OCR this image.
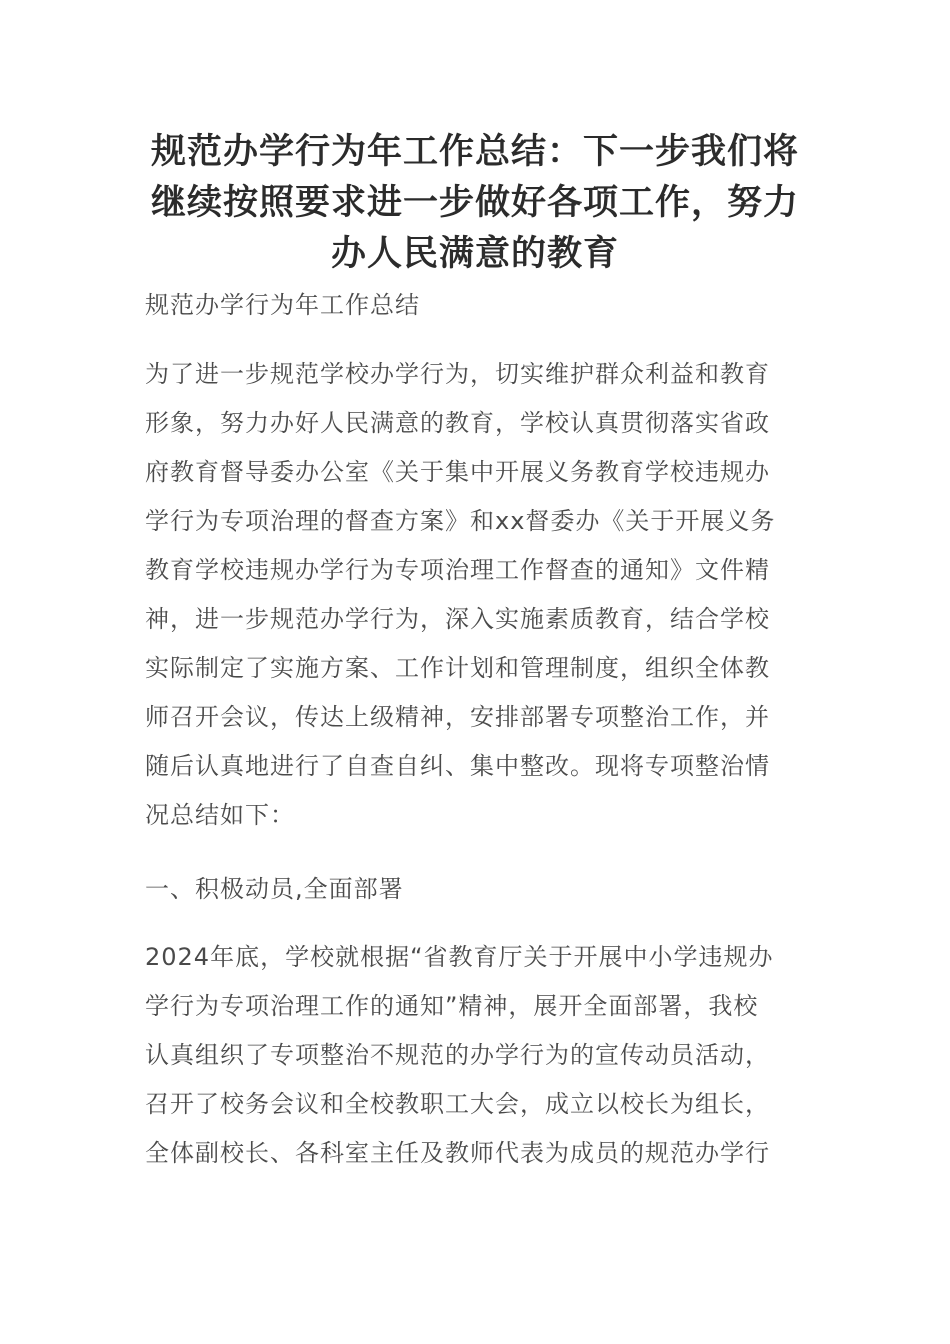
规范办学行为年工作总结：下一步我们将
继续按照要求进一步做好各项工作，努力
办人民满意的教育

规范办学行为年工作总结

为了进一步规范学校办学行为，切实维护群众利益和教育
形象，努力办好人民满意的教育，学校认真贯彻落实省政
府教育督导委办公室《关于集中开展义务教育学校违规办
学行为专项治理的督查方案》和xx督委办《关于开展义务
教育学校违规办学行为专项治理工作督查的通知》文件精
神，进一步规范办学行为，深入实施素质教育，结合学校
实际制定了实施方案、工作计划和管理制度，组织全体教
师召开会议，传达上级精神，安排部署专项整治工作，并
随后认真地进行了自查自纠、集中整改。现将专项整治情
况总结如下：

一、积极动员,全面部署

2024年底，学校就根据“省教育厅关于开展中小学违规办
学行为专项治理工作的通知”精神，展开全面部署，我校
认真组织了专项整治不规范的办学行为的宣传动员活动，
召开了校务会议和全校教职工大会，成立以校长为组长，
全体副校长、各科室主任及教师代表为成员的规范办学行
